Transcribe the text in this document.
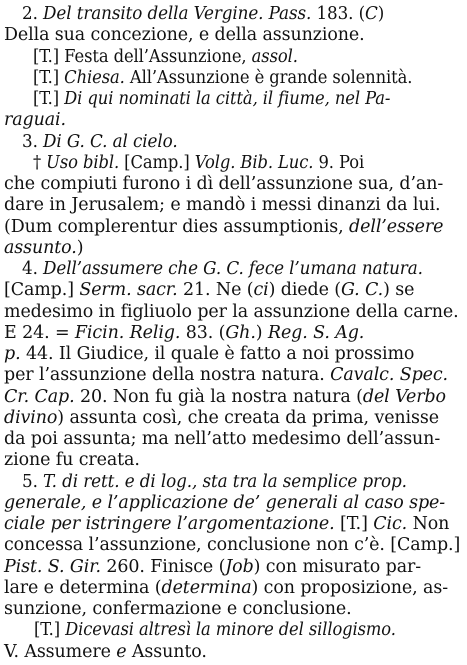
2. Del transito della Vergine. Pass. 183. (C)
Della sua concezione, e della assunzione.
[T.] Festa dell’Assunzione, assol.
[T.] Chiesa. All’Assunzione è grande solennità.
[T.] Di qui nominati la città, il fiume, nel Pa-
raguai.
3. Di G. C. al cielo.
† Uso bibl. [Camp.] Volg. Bib. Luc. 9. Poi
che compiuti furono i dì dell’assunzione sua, d’an-
dare in Jerusalem; e mandò i messi dinanzi da lui.
(Dum complerentur dies assumptionis, dell’essere
assunto.)
4. Dell’assumere che G. C. fece l’umana natura.
[Camp.] Serm. sacr. 21. Ne (ci) diede (G. C.) se
medesimo in figliuolo per la assunzione della carne.
E 24. = Ficin. Relig. 83. (Gh.) Reg. S. Ag.
p. 44. Il Giudice, il quale è fatto a noi prossimo
per l’assunzione della nostra natura. Cavalc. Spec.
Cr. Cap. 20. Non fu già la nostra natura (del Verbo
divino) assunta così, che creata da prima, venisse
da poi assunta; ma nell’atto medesimo dell’assun-
zione fu creata.
5. T. di rett. e di log., sta tra la semplice prop.
generale, e l’applicazione de’ generali al caso spe-
ciale per istringere l’argomentazione. [T.] Cic. Non
concessa l’assunzione, conclusione non c’è. [Camp.]
Pist. S. Gir. 260. Finisce (Job) con misurato par-
lare e determina (determina) con proposizione, as-
sunzione, confermazione e conclusione.
[T.] Dicevasi altresì la minore del sillogismo.
V. Assumere e Assunto.
